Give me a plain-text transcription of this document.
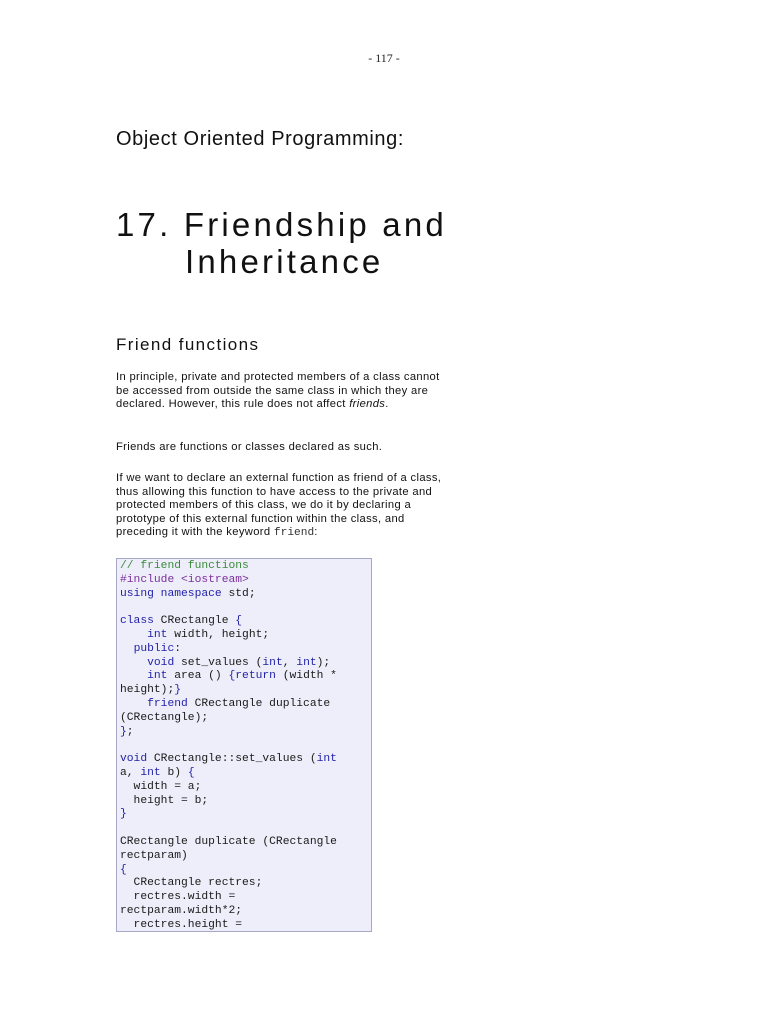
- 117 -
Object Oriented Programming:
17. Friendship and
Inheritance
Friend functions
In principle, private and protected members of a class cannot be accessed from outside the same class in which they are declared. However, this rule does not affect friends.
Friends are functions or classes declared as such.
If we want to declare an external function as friend of a class, thus allowing this function to have access to the private and protected members of this class, we do it by declaring a prototype of this external function within the class, and preceding it with the keyword friend:
// friend functions
#include <iostream>
using namespace std;
class CRectangle {
int width, height;
public:
void set_values (int, int);
int area () {return (width *
height);}
friend CRectangle duplicate
(CRectangle);
};
void CRectangle::set_values (int
a, int b) {
width = a;
height = b;
}
CRectangle duplicate (CRectangle
rectparam)
{
CRectangle rectres;
rectres.width =
rectparam.width*2;
rectres.height =
